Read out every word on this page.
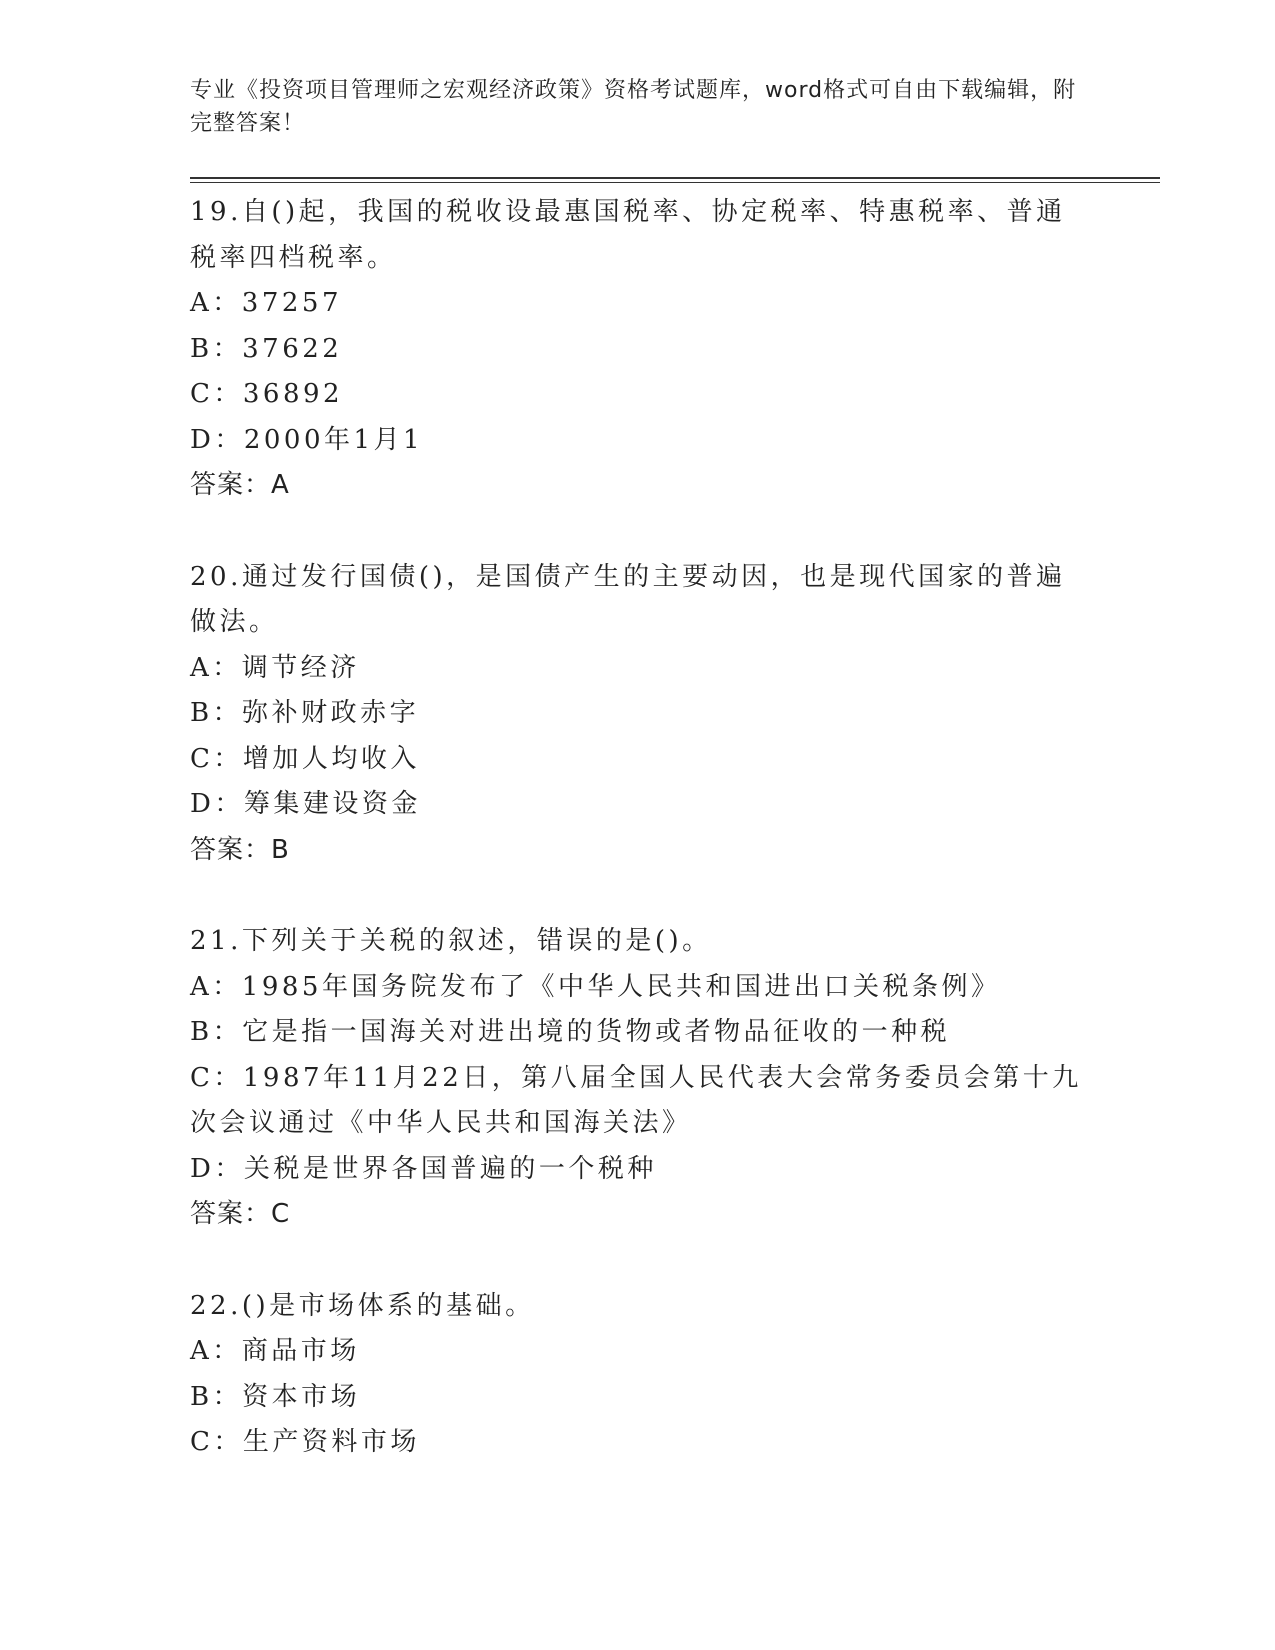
专业《投资项目管理师之宏观经济政策》资格考试题库，word格式可自由下载编辑，附完整答案！

19.自()起，我国的税收设最惠国税率、协定税率、特惠税率、普通税率四档税率。

A：37257

B：37622

C：36892

D：2000年1月1

答案：A

20.通过发行国债()，是国债产生的主要动因，也是现代国家的普遍做法。

A：调节经济

B：弥补财政赤字

C：增加人均收入

D：筹集建设资金

答案：B

21.下列关于关税的叙述，错误的是()。

A：1985年国务院发布了《中华人民共和国进出口关税条例》

B：它是指一国海关对进出境的货物或者物品征收的一种税

C：1987年11月22日，第八届全国人民代表大会常务委员会第十九次会议通过《中华人民共和国海关法》

D：关税是世界各国普遍的一个税种

答案：C

22.()是市场体系的基础。

A：商品市场

B：资本市场

C：生产资料市场
